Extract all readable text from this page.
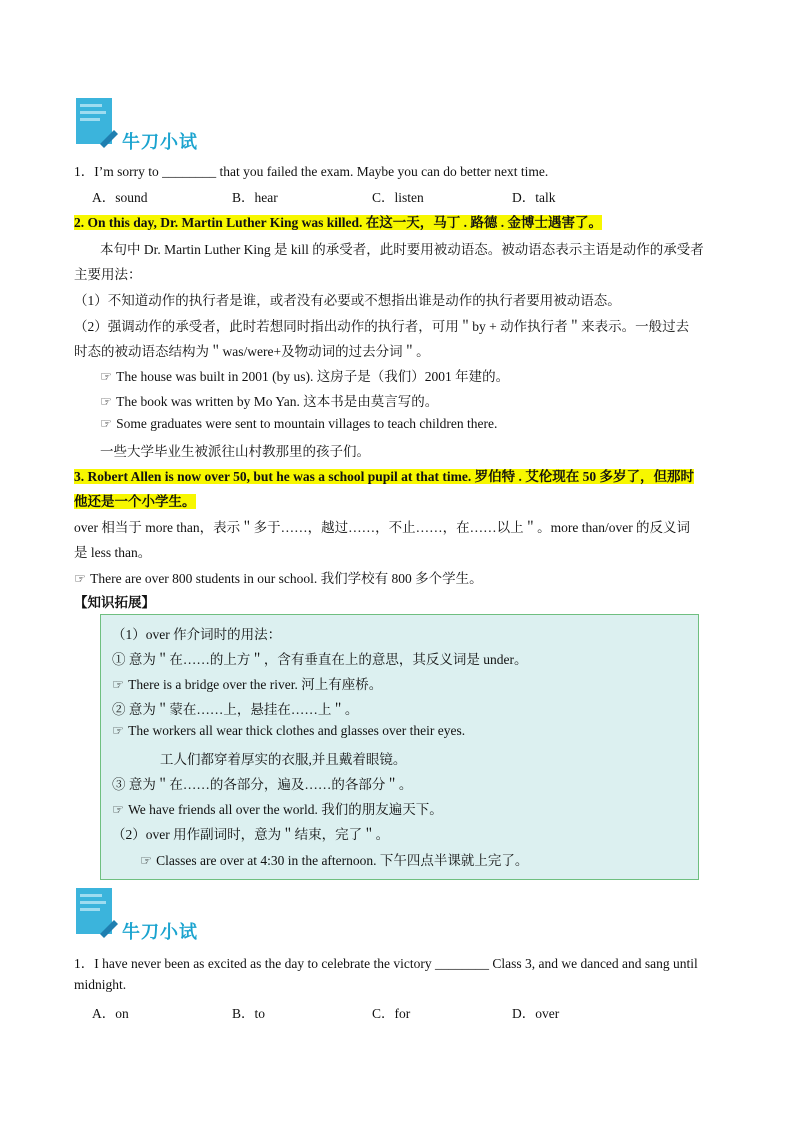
牛刀小试
1．I’m sorry to ________ that you failed the exam. Maybe you can do better next time.
A．sound	B．hear	C．listen	D．talk
2. On this day, Dr. Martin Luther King was killed. 在这一天，马丁 . 路德 . 金博士遇害了。
本句中 Dr. Martin Luther King 是 kill 的承受者，此时要用被动语态。被动语态表示主语是动作的承受者
主要用法：
（1）不知道动作的执行者是谁，或者没有必要或不想指出谁是动作的执行者要用被动语态。
（2）强调动作的承受者，此时若想同时指出动作的执行者，可用＂by + 动作执行者＂来表示。一般过去
时态的被动语态结构为＂was/were+及物动词的过去分词＂。
☞ The house was built in 2001 (by us). 这房子是（我们）2001 年建的。
☞ The book was written by Mo Yan. 这本书是由莫言写的。
☞ Some graduates were sent to mountain villages to teach children there.
一些大学毕业生被派往山村教那里的孩子们。
3. Robert Allen is now over 50, but he was a school pupil at that time. 罗伯特 . 艾伦现在 50 多岁了，但那时
他还是一个小学生。
over 相当于 more than，表示＂多于……，越过……，不止……，在……以上＂。more than/over 的反义词
是 less than。
☞ There are over 800 students in our school. 我们学校有 800 多个学生。
【知识拓展】
（1）over 作介词时的用法：
① 意为＂在……的上方＂，含有垂直在上的意思，其反义词是 under。
☞ There is a bridge over the river. 河上有座桥。
② 意为＂蒙在……上，悬挂在……上＂。
☞ The workers all wear thick clothes and glasses over their eyes.
工人们都穿着厚实的衣服,并且戴着眼镜。
③ 意为＂在……的各部分，遍及……的各部分＂。
☞ We have friends all over the world. 我们的朋友遍天下。
（2）over 用作副词时，意为＂结束，完了＂。
☞ Classes are over at 4:30 in the afternoon. 下午四点半课就上完了。
牛刀小试
1．I have never been as excited as the day to celebrate the victory ________ Class 3, and we danced and sang until
midnight.
A．on	B．to	C．for	D．over
